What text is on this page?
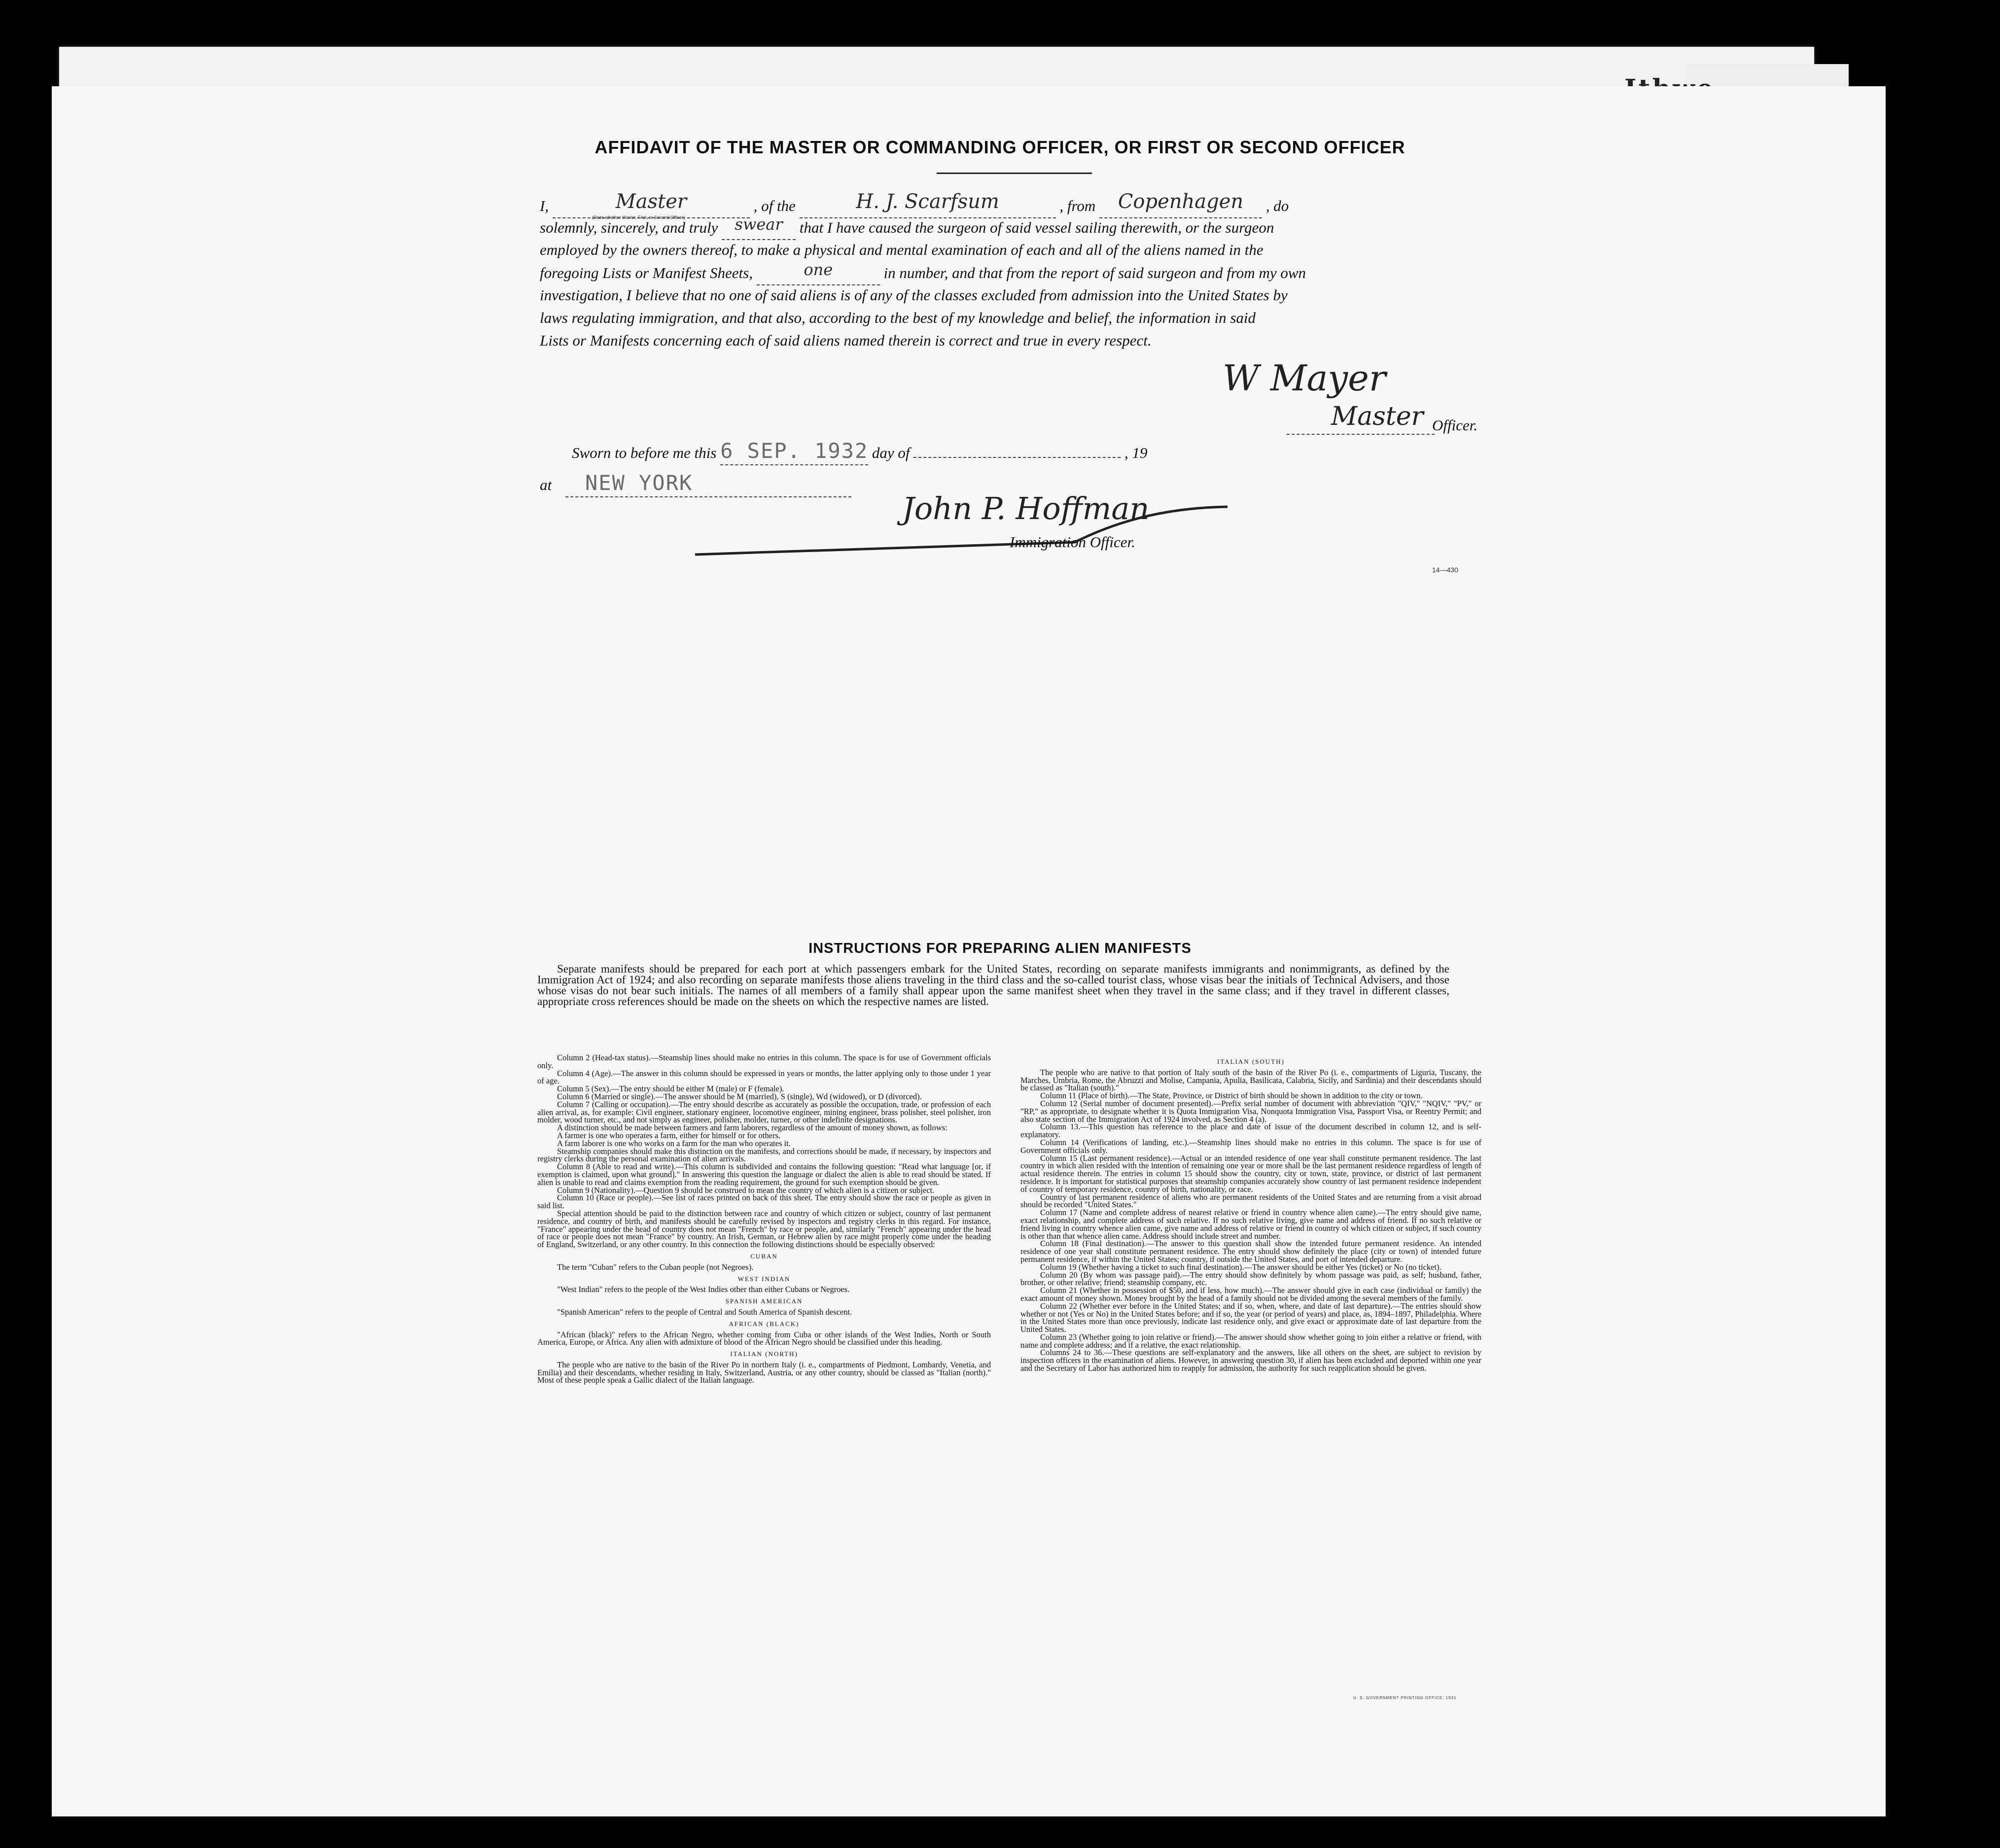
AFFIDAVIT OF THE MASTER OR COMMANDING OFFICER, OR FIRST OR SECOND OFFICER
I,	Master
(State whether Master, First, or Second Officer)
, of the	H. J. Scarfsum	, from Copenhagen , do
solemnly, sincerely, and truly swear that I have caused the surgeon of said vessel sailing therewith, or the surgeon
employed by the owners thereof, to make a physical and mental examination of each and all of the aliens named in the
foregoing Lists or Manifest Sheets,	one	in number, and that from the report of said surgeon and from my own
investigation, I believe that no one of said aliens is of any of the classes excluded from admission into the United States by
laws regulating immigration, and that also, according to the best of my knowledge and belief, the information in said
Lists or Manifests concerning each of said aliens named therein is correct and true in every respect.
W Mayer
Master Officer.
Sworn to before me this 6 SEP. 1932 day of	, 19
at NEW YORK
John P. Hoffman
Immigration Officer.
14—430
INSTRUCTIONS FOR PREPARING ALIEN MANIFESTS
Separate manifests should be prepared for each port at which passengers embark for the United States, recording on separate manifests immigrants and nonimmigrants, as defined by the Immigration Act of 1924; and also recording on separate manifests those aliens traveling in the third class and the so-called tourist class, whose visas bear the initials of Technical Advisers, and those whose visas do not bear such initials. The names of all members of a family shall appear upon the same manifest sheet when they travel in the same class; and if they travel in different classes, appropriate cross references should be made on the sheets on which the respective names are listed.

Column 2 (Head-tax status).—Steamship lines should make no entries in this column. The space is for use of Government officials only.

Column 4 (Age).—The answer in this column should be expressed in years or months, the latter applying only to those under 1 year of age.

Column 5 (Sex).—The entry should be either M (male) or F (female).

Column 6 (Married or single).—The answer should be M (married), S (single), Wd (widowed), or D (divorced).

Column 7 (Calling or occupation).—The entry should describe as accurately as possible the occupation, trade, or profession of each alien arrival, as, for example: Civil engineer, stationary engineer, locomotive engineer, mining engineer, brass polisher, steel polisher, iron molder, wood turner, etc., and not simply as engineer, polisher, molder, turner, or other indefinite designations.

A distinction should be made between farmers and farm laborers, regardless of the amount of money shown, as follows:

A farmer is one who operates a farm, either for himself or for others.

A farm laborer is one who works on a farm for the man who operates it.

Steamship companies should make this distinction on the manifests, and corrections should be made, if necessary, by inspectors and registry clerks during the personal examination of alien arrivals.

Column 8 (Able to read and write).—This column is subdivided and contains the following question: "Read what language [or, if exemption is claimed, upon what ground]." In answering this question the language or dialect the alien is able to read should be stated. If alien is unable to read and claims exemption from the reading requirement, the ground for such exemption should be given.

Column 9 (Nationality).—Question 9 should be construed to mean the country of which alien is a citizen or subject.

Column 10 (Race or people).—See list of races printed on back of this sheet. The entry should show the race or people as given in said list.

Special attention should be paid to the distinction between race and country of which citizen or subject, country of last permanent residence, and country of birth, and manifests should be carefully revised by inspectors and registry clerks in this regard. For instance, "France" appearing under the head of country does not mean "French" by race or people, and, similarly "French" appearing under the head of race or people does not mean "France" by country. An Irish, German, or Hebrew alien by race might properly come under the heading of England, Switzerland, or any other country. In this connection the following distinctions should be especially observed:

CUBAN

The term "Cuban" refers to the Cuban people (not Negroes).

WEST INDIAN

"West Indian" refers to the people of the West Indies other than either Cubans or Negroes.

SPANISH AMERICAN

"Spanish American" refers to the people of Central and South America of Spanish descent.

AFRICAN (BLACK)

"African (black)" refers to the African Negro, whether coming from Cuba or other islands of the West Indies, North or South America, Europe, or Africa. Any alien with admixture of blood of the African Negro should be classified under this heading.

ITALIAN (NORTH)

The people who are native to the basin of the River Po in northern Italy (i. e., compartments of Piedmont, Lombardy, Venetia, and Emilia) and their descendants, whether residing in Italy, Switzerland, Austria, or any other country, should be classed as "Italian (north)." Most of these people speak a Gallic dialect of the Italian language.

ITALIAN (SOUTH)

The people who are native to that portion of Italy south of the basin of the River Po (i. e., compartments of Liguria, Tuscany, the Marches, Umbria, Rome, the Abruzzi and Molise, Campania, Apulia, Basilicata, Calabria, Sicily, and Sardinia) and their descendants should be classed as "Italian (south)."

Column 11 (Place of birth).—The State, Province, or District of birth should be shown in addition to the city or town.

Column 12 (Serial number of document presented).—Prefix serial number of document with abbreviation "QIV," "NQIV," "PV," or "RP," as appropriate, to designate whether it is Quota Immigration Visa, Nonquota Immigration Visa, Passport Visa, or Reentry Permit; and also state section of the Immigration Act of 1924 involved, as Section 4 (a).

Column 13.—This question has reference to the place and date of issue of the document described in column 12, and is self-explanatory.

Column 14 (Verifications of landing, etc.).—Steamship lines should make no entries in this column. The space is for use of Government officials only.

Column 15 (Last permanent residence).—Actual or an intended residence of one year shall constitute permanent residence. The last country in which alien resided with the intention of remaining one year or more shall be the last permanent residence regardless of length of actual residence therein. The entries in column 15 should show the country, city or town, state, province, or district of last permanent residence. It is important for statistical purposes that steamship companies accurately show country of last permanent residence independent of country of temporary residence, country of birth, nationality, or race.

Country of last permanent residence of aliens who are permanent residents of the United States and are returning from a visit abroad should be recorded "United States."

Column 17 (Name and complete address of nearest relative or friend in country whence alien came).—The entry should give name, exact relationship, and complete address of such relative. If no such relative living, give name and address of friend. If no such relative or friend living in country whence alien came, give name and address of relative or friend in country of which citizen or subject, if such country is other than that whence alien came. Address should include street and number.

Column 18 (Final destination).—The answer to this question shall show the intended future permanent residence. An intended residence of one year shall constitute permanent residence. The entry should show definitely the place (city or town) of intended future permanent residence, if within the United States; country, if outside the United States, and port of intended departure.

Column 19 (Whether having a ticket to such final destination).—The answer should be either Yes (ticket) or No (no ticket).

Column 20 (By whom was passage paid).—The entry should show definitely by whom passage was paid, as self; husband, father, brother, or other relative; friend; steamship company, etc.

Column 21 (Whether in possession of $50, and if less, how much).—The answer should give in each case (individual or family) the exact amount of money shown. Money brought by the head of a family should not be divided among the several members of the family.

Column 22 (Whether ever before in the United States; and if so, when, where, and date of last departure).—The entries should show whether or not (Yes or No) in the United States before; and if so, the year (or period of years) and place, as, 1894–1897, Philadelphia. Where in the United States more than once previously, indicate last residence only, and give exact or approximate date of last departure from the United States.

Column 23 (Whether going to join relative or friend).—The answer should show whether going to join either a relative or friend, with name and complete address; and if a relative, the exact relationship.

Columns 24 to 36.—These questions are self-explanatory and the answers, like all others on the sheet, are subject to revision by inspection officers in the examination of aliens. However, in answering question 30, if alien has been excluded and deported within one year and the Secretary of Labor has authorized him to reapply for admission, the authority for such reapplication should be given.

U. S. GOVERNMENT PRINTING OFFICE: 1931
